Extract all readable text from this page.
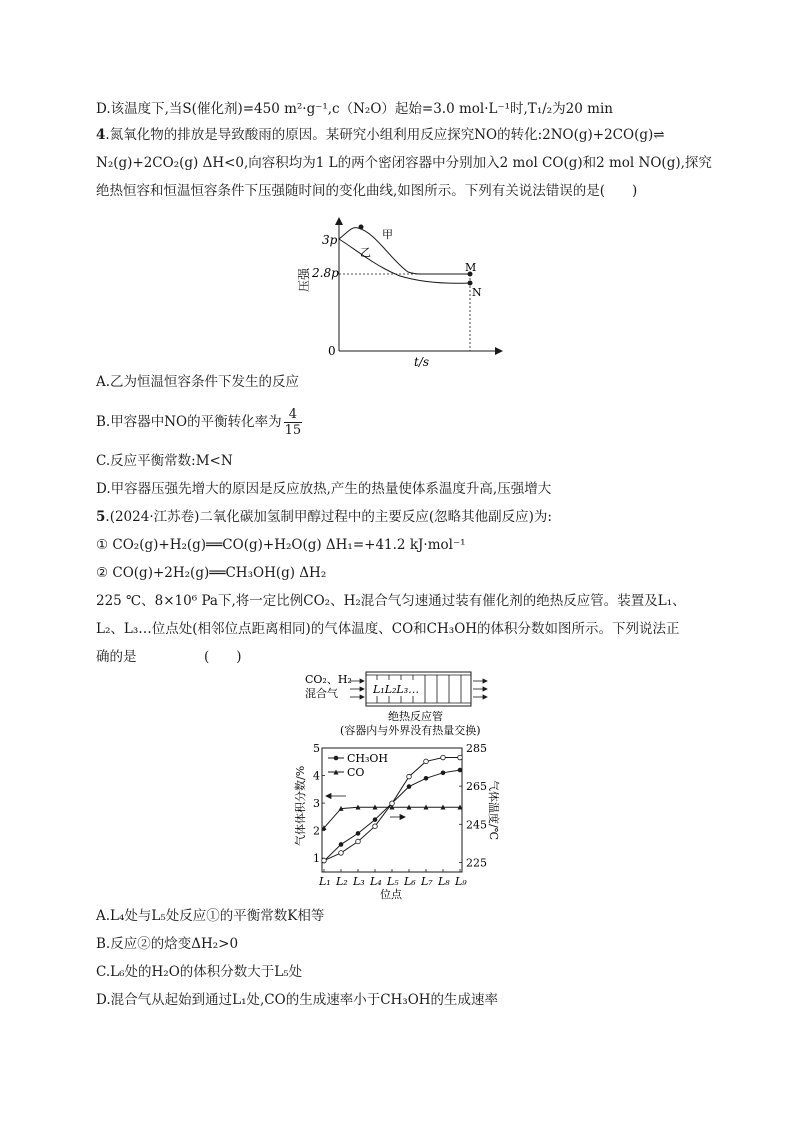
D.该温度下,当S(催化剂)=450 m²·g⁻¹,c（N₂O）起始=3.0 mol·L⁻¹时,T₁/₂为20 min
4.氮氧化物的排放是导致酸雨的原因。某研究小组利用反应探究NO的转化:2NO(g)+2CO(g)⇌
N₂(g)+2CO₂(g) ΔH<0,向容积均为1 L的两个密闭容器中分别加入2 mol CO(g)和2 mol NO(g),探究
绝热恒容和恒温恒容条件下压强随时间的变化曲线,如图所示。下列有关说法错误的是(　　)
3p
2.8p
0
压强
t/s
甲
乙
M
N
A.乙为恒温恒容条件下发生的反应
B.甲容器中NO的平衡转化率为 $\frac{4}{15}$
C.反应平衡常数:M<N
D.甲容器压强先增大的原因是反应放热,产生的热量使体系温度升高,压强增大
5.(2024·江苏卷)二氧化碳加氢制甲醇过程中的主要反应(忽略其他副反应)为:
① CO₂(g)+H₂(g)══CO(g)+H₂O(g) ΔH₁=+41.2 kJ·mol⁻¹
② CO(g)+2H₂(g)══CH₃OH(g) ΔH₂
225 ℃、8×10⁶ Pa下,将一定比例CO₂、H₂混合气匀速通过装有催化剂的绝热反应管。装置及L₁、
L₂、L₃…位点处(相邻位点距离相同)的气体温度、CO和CH₃OH的体积分数如图所示。下列说法正
确的是　　　　　(　　)
CO₂、H₂
混合气	L₁L₂L₃…
绝热反应管
(容器内与外界没有热量交换)
气体体积分数/%	气体温度/℃
位点
L₁ L₂ L₃ L₄ L₅ L₆ L₇ L₈ L₉
1
2
3
4
5
225
245
265
285
CH₃OH
CO
A.L₄处与L₅处反应①的平衡常数K相等
B.反应②的焓变ΔH₂>0
C.L₆处的H₂O的体积分数大于L₅处
D.混合气从起始到通过L₁处,CO的生成速率小于CH₃OH的生成速率
